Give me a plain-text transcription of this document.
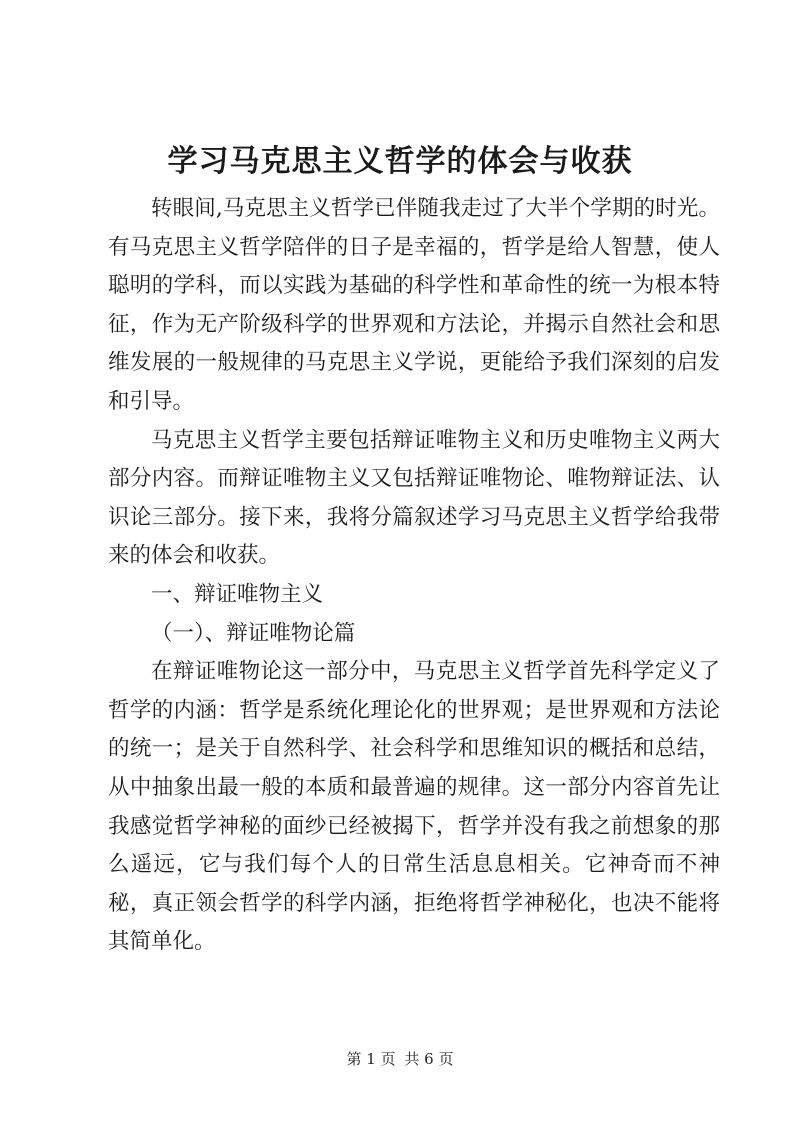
学习马克思主义哲学的体会与收获

转眼间,马克思主义哲学已伴随我走过了大半个学期的时光。有马克思主义哲学陪伴的日子是幸福的，哲学是给人智慧，使人聪明的学科，而以实践为基础的科学性和革命性的统一为根本特征，作为无产阶级科学的世界观和方法论，并揭示自然社会和思维发展的一般规律的马克思主义学说，更能给予我们深刻的启发和引导。

马克思主义哲学主要包括辩证唯物主义和历史唯物主义两大部分内容。而辩证唯物主义又包括辩证唯物论、唯物辩证法、认识论三部分。接下来，我将分篇叙述学习马克思主义哲学给我带来的体会和收获。

一、辩证唯物主义

（一）、辩证唯物论篇

在辩证唯物论这一部分中，马克思主义哲学首先科学定义了哲学的内涵：哲学是系统化理论化的世界观；是世界观和方法论的统一；是关于自然科学、社会科学和思维知识的概括和总结，从中抽象出最一般的本质和最普遍的规律。这一部分内容首先让我感觉哲学神秘的面纱已经被揭下，哲学并没有我之前想象的那么遥远，它与我们每个人的日常生活息息相关。它神奇而不神秘，真正领会哲学的科学内涵，拒绝将哲学神秘化，也决不能将其简单化。

第 1 页 共 6 页
